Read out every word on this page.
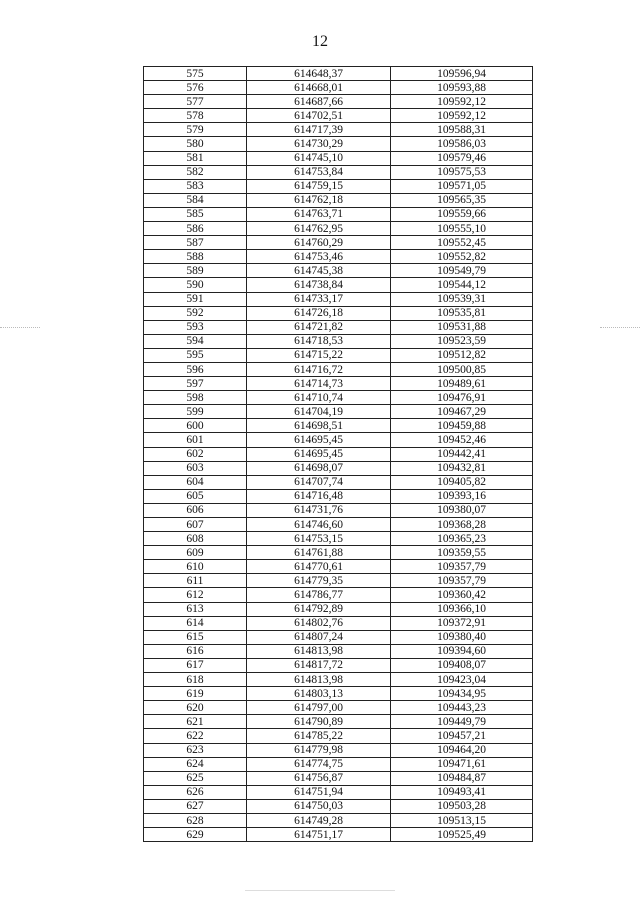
12
575	614648,37	109596,94
576	614668,01	109593,88
577	614687,66	109592,12
578	614702,51	109592,12
579	614717,39	109588,31
580	614730,29	109586,03
581	614745,10	109579,46
582	614753,84	109575,53
583	614759,15	109571,05
584	614762,18	109565,35
585	614763,71	109559,66
586	614762,95	109555,10
587	614760,29	109552,45
588	614753,46	109552,82
589	614745,38	109549,79
590	614738,84	109544,12
591	614733,17	109539,31
592	614726,18	109535,81
593	614721,82	109531,88
594	614718,53	109523,59
595	614715,22	109512,82
596	614716,72	109500,85
597	614714,73	109489,61
598	614710,74	109476,91
599	614704,19	109467,29
600	614698,51	109459,88
601	614695,45	109452,46
602	614695,45	109442,41
603	614698,07	109432,81
604	614707,74	109405,82
605	614716,48	109393,16
606	614731,76	109380,07
607	614746,60	109368,28
608	614753,15	109365,23
609	614761,88	109359,55
610	614770,61	109357,79
611	614779,35	109357,79
612	614786,77	109360,42
613	614792,89	109366,10
614	614802,76	109372,91
615	614807,24	109380,40
616	614813,98	109394,60
617	614817,72	109408,07
618	614813,98	109423,04
619	614803,13	109434,95
620	614797,00	109443,23
621	614790,89	109449,79
622	614785,22	109457,21
623	614779,98	109464,20
624	614774,75	109471,61
625	614756,87	109484,87
626	614751,94	109493,41
627	614750,03	109503,28
628	614749,28	109513,15
629	614751,17	109525,49
